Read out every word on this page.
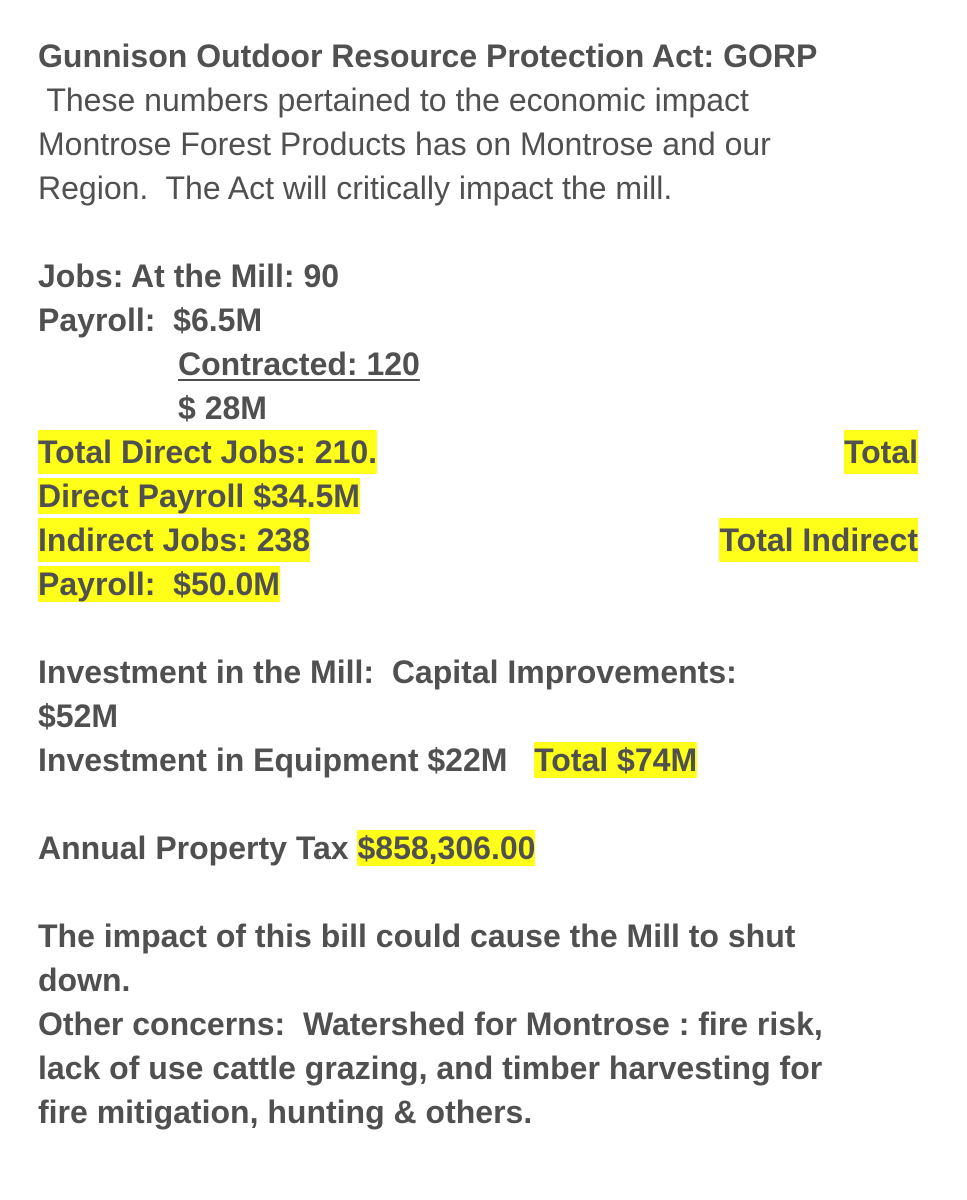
Gunnison Outdoor Resource Protection Act: GORP
These numbers pertained to the economic impact
Montrose Forest Products has on Montrose and our
Region.  The Act will critically impact the mill.
Jobs: At the Mill: 90
Payroll:  $6.5M
Contracted: 120
$ 28M
Total Direct Jobs: 210.	Total
Direct Payroll $34.5M
Indirect Jobs: 238	Total Indirect
Payroll:  $50.0M
Investment in the Mill:  Capital Improvements:
$52M
Investment in Equipment $22M   Total $74M
Annual Property Tax $858,306.00
The impact of this bill could cause the Mill to shut
down.
Other concerns:  Watershed for Montrose : fire risk,
lack of use cattle grazing, and timber harvesting for
fire mitigation, hunting & others.
